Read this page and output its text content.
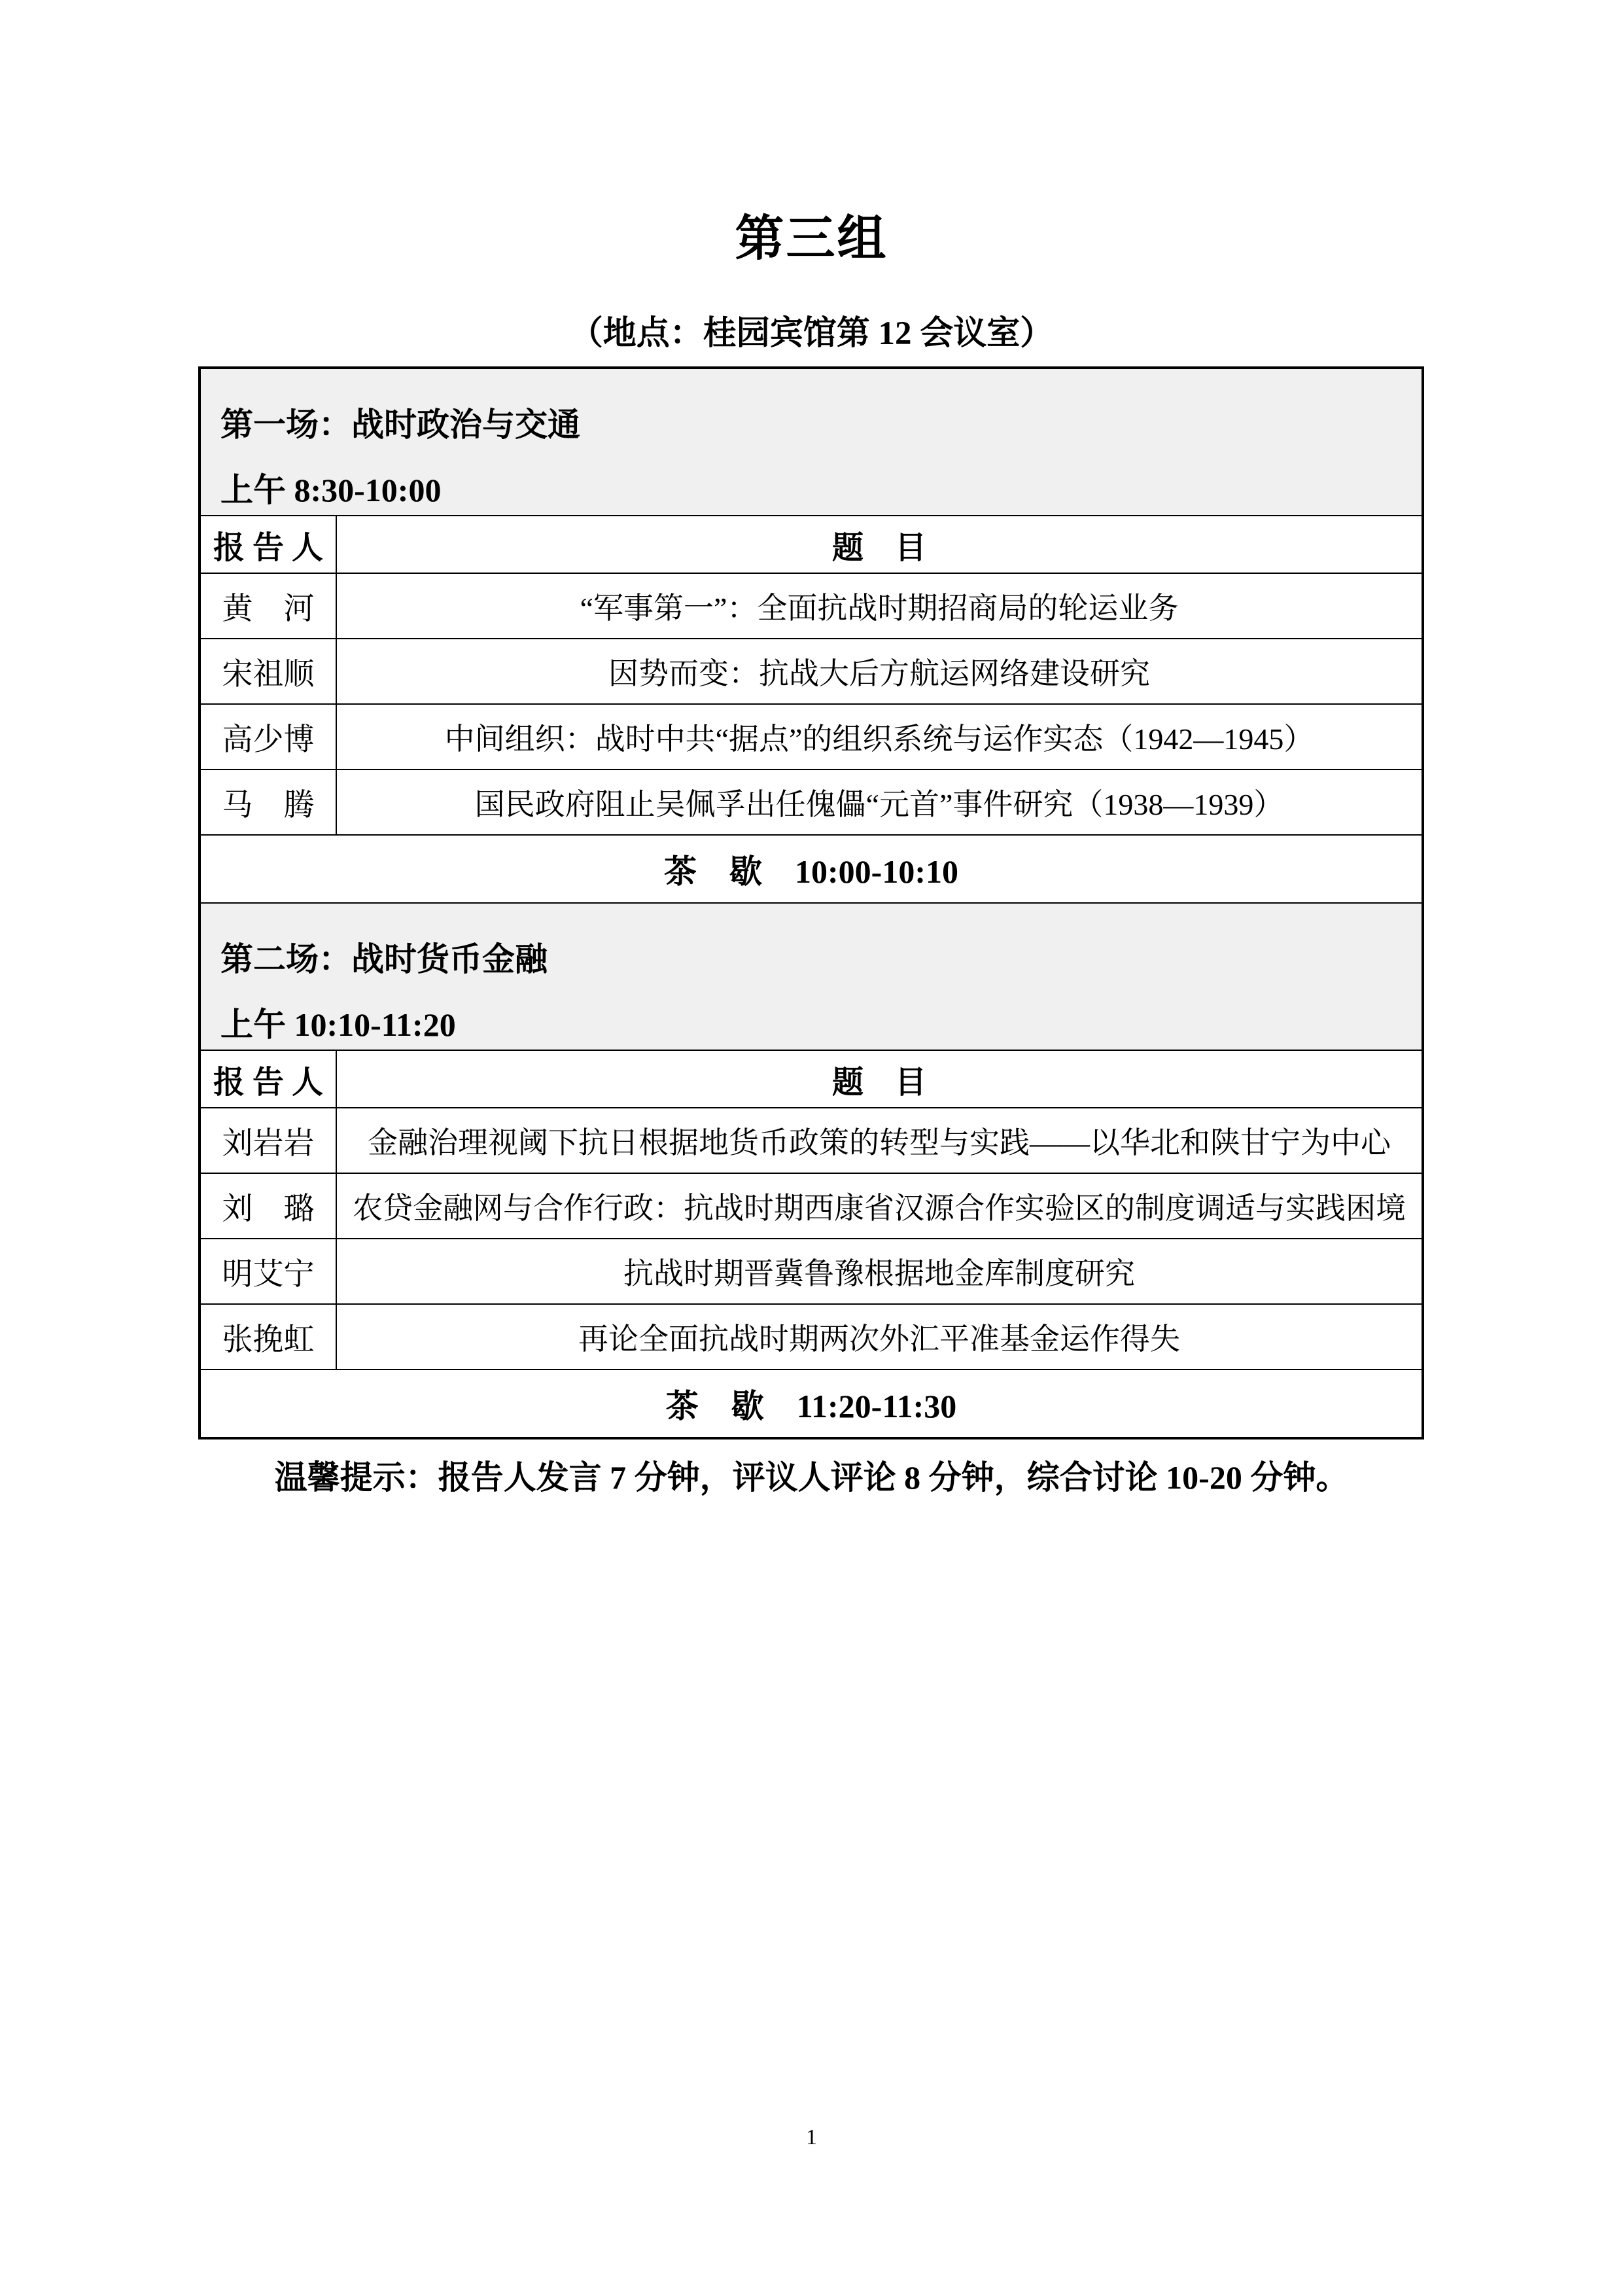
第三组
（地点：桂园宾馆第 12 会议室）
第一场：战时政治与交通
上午 8:30-10:00	

报 告 人	题　目
黄　河	“军事第一”：全面抗战时期招商局的轮运业务
宋祖顺	因势而变：抗战大后方航运网络建设研究
高少博	中间组织：战时中共“据点”的组织系统与运作实态（1942—1945）
马　腾	国民政府阻止吴佩孚出任傀儡“元首”事件研究（1938—1939）
茶　歇　10:00-10:10	

第二场：战时货币金融
上午 10:10-11:20	

报 告 人	题　目
刘岩岩	金融治理视阈下抗日根据地货币政策的转型与实践——以华北和陕甘宁为中心
刘　璐	农贷金融网与合作行政：抗战时期西康省汉源合作实验区的制度调适与实践困境
明艾宁	抗战时期晋冀鲁豫根据地金库制度研究
张挽虹	再论全面抗战时期两次外汇平准基金运作得失
茶　歇　11:20-11:30	
温馨提示：报告人发言 7 分钟，评议人评论 8 分钟，综合讨论 10-20 分钟。
1
